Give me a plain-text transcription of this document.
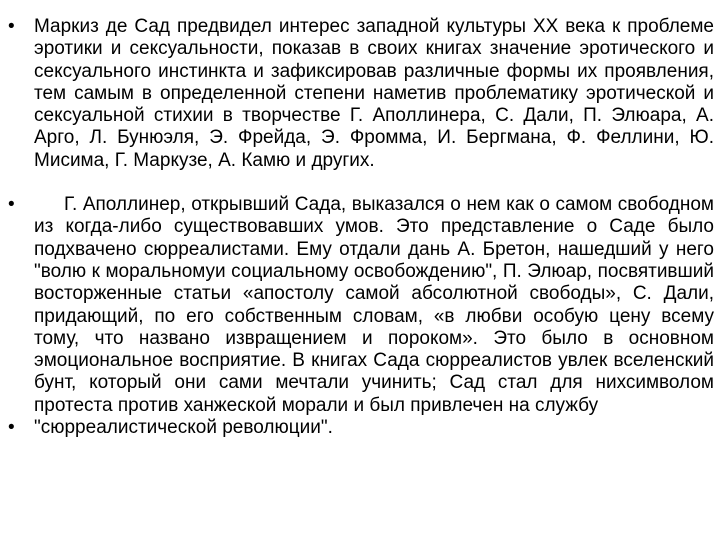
• Маркиз де Сад предвидел интерес западной культуры XX века к проблеме эротики и сексуальности, показав в своих книгах значение эротического и сексуального инстинкта и зафиксировав различные формы их проявления, тем самым в определенной степени наметив проблематику эротической и сексуальной стихии в творчестве Г. Аполлинера, С. Дали, П. Элюара, А. Арго, Л. Бунюэля, Э. Фрейда, Э. Фромма, И. Бергмана, Ф. Феллини, Ю. Мисима, Г. Маркузе, А. Камю и других.
•	Г. Аполлинер, открывший Сада, выказался о нем как о самом свободном из когда-либо существовавших умов. Это представление о Саде было подхвачено сюрреалистами. Ему отдали дань А. Бретон, нашедший у него "волю к моральномуи социальному освобождению", П. Элюар, посвятивший восторженные статьи «апостолу самой абсолютной свободы», С. Дали, придающий, по его собственным словам, «в любви особую цену всему тому, что названо извращением и пороком». Это было в основном эмоциональное восприятие. В книгах Сада сюрреалистов увлек вселенский бунт, который они сами мечтали учинить; Сад стал для нихсимволом протеста против ханжеской морали и был привлечен на службу
• "сюрреалистической революции".
